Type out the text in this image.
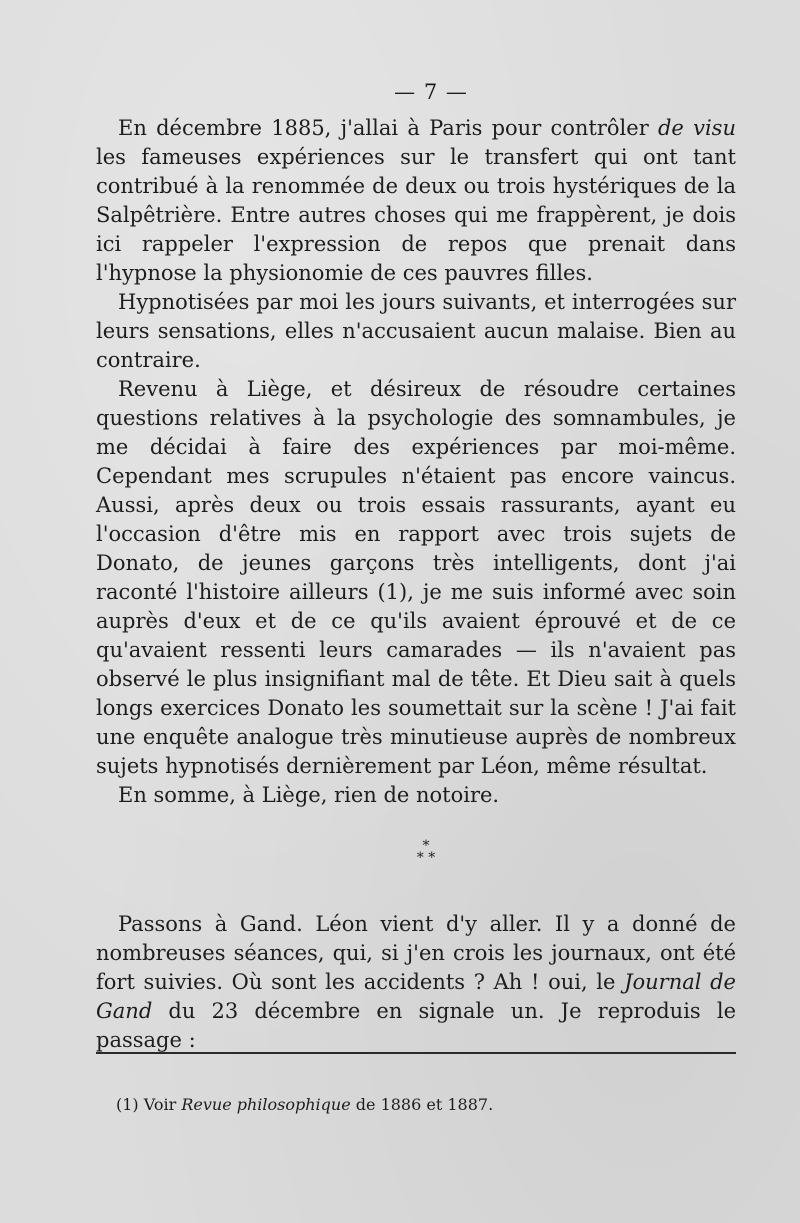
— 7 —

En décembre 1885, j'allai à Paris pour contrôler de visu les fameuses expériences sur le transfert qui ont tant contribué à la renommée de deux ou trois hystériques de la Salpêtrière. Entre autres choses qui me frappèrent, je dois ici rappeler l'expression de repos que prenait dans l'hypnose la physionomie de ces pauvres filles.

Hypnotisées par moi les jours suivants, et interrogées sur leurs sensations, elles n'accusaient aucun malaise. Bien au contraire.

Revenu à Liège, et désireux de résoudre certaines questions relatives à la psychologie des somnambules, je me décidai à faire des expériences par moi-même. Cependant mes scrupules n'étaient pas encore vaincus. Aussi, après deux ou trois essais rassurants, ayant eu l'occasion d'être mis en rapport avec trois sujets de Donato, de jeunes garçons très intelligents, dont j'ai raconté l'histoire ailleurs (1), je me suis informé avec soin auprès d'eux et de ce qu'ils avaient éprouvé et de ce qu'avaient ressenti leurs camarades — ils n'avaient pas observé le plus insignifiant mal de tête. Et Dieu sait à quels longs exercices Donato les soumettait sur la scène ! J'ai fait une enquête analogue très minutieuse auprès de nombreux sujets hypnotisés dernièrement par Léon, même résultat.

En somme, à Liège, rien de notoire.

*
* *

Passons à Gand. Léon vient d'y aller. Il y a donné de nombreuses séances, qui, si j'en crois les journaux, ont été fort suivies. Où sont les accidents ? Ah ! oui, le Journal de Gand du 23 décembre en signale un. Je reproduis le passage :

(1) Voir Revue philosophique de 1886 et 1887.
